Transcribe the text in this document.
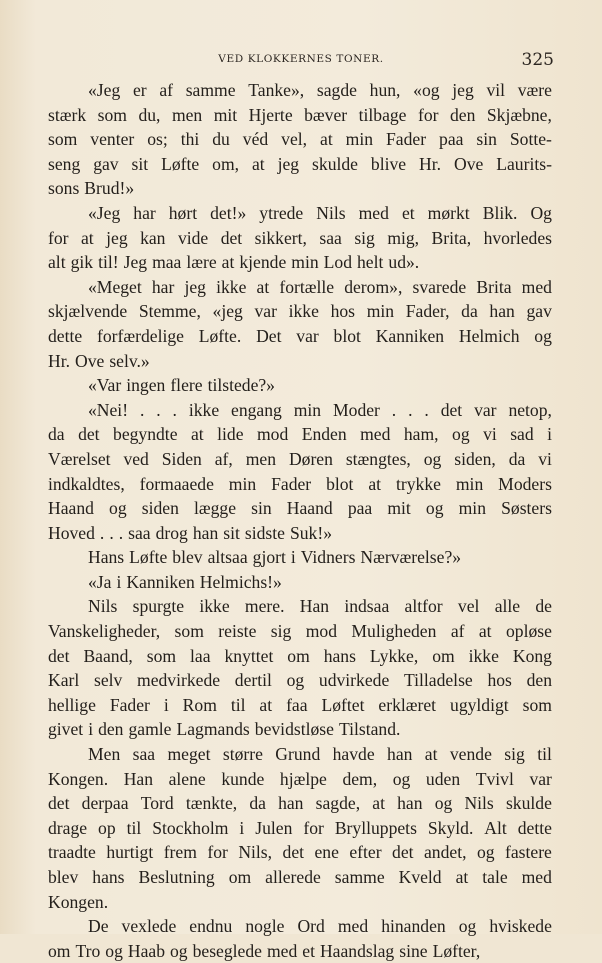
VED KLOKKERNES TONER.	325
«Jeg er af samme Tanke», sagde hun, «og jeg vil være
stærk som du, men mit Hjerte bæver tilbage for den Skjæbne,
som venter os; thi du véd vel, at min Fader paa sin Sotte-
seng gav sit Løfte om, at jeg skulde blive Hr. Ove Laurits-
sons Brud!»
«Jeg har hørt det!» ytrede Nils med et mørkt Blik. Og
for at jeg kan vide det sikkert, saa sig mig, Brita, hvorledes
alt gik til! Jeg maa lære at kjende min Lod helt ud».
«Meget har jeg ikke at fortælle derom», svarede Brita med
skjælvende Stemme, «jeg var ikke hos min Fader, da han gav
dette forfærdelige Løfte. Det var blot Kanniken Helmich og
Hr. Ove selv.»
«Var ingen flere tilstede?»
«Nei! . . . ikke engang min Moder . . . det var netop,
da det begyndte at lide mod Enden med ham, og vi sad i
Værelset ved Siden af, men Døren stængtes, og siden, da vi
indkaldtes, formaaede min Fader blot at trykke min Moders
Haand og siden lægge sin Haand paa mit og min Søsters
Hoved . . . saa drog han sit sidste Suk!»
Hans Løfte blev altsaa gjort i Vidners Nærværelse?»
«Ja i Kanniken Helmichs!»
Nils spurgte ikke mere. Han indsaa altfor vel alle de
Vanskeligheder, som reiste sig mod Muligheden af at opløse
det Baand, som laa knyttet om hans Lykke, om ikke Kong
Karl selv medvirkede dertil og udvirkede Tilladelse hos den
hellige Fader i Rom til at faa Løftet erklæret ugyldigt som
givet i den gamle Lagmands bevidstløse Tilstand.
Men saa meget større Grund havde han at vende sig til
Kongen. Han alene kunde hjælpe dem, og uden Tvivl var
det derpaa Tord tænkte, da han sagde, at han og Nils skulde
drage op til Stockholm i Julen for Brylluppets Skyld. Alt dette
traadte hurtigt frem for Nils, det ene efter det andet, og fastere
blev hans Beslutning om allerede samme Kveld at tale med
Kongen.
De vexlede endnu nogle Ord med hinanden og hviskede
om Tro og Haab og beseglede med et Haandslag sine Løfter,
